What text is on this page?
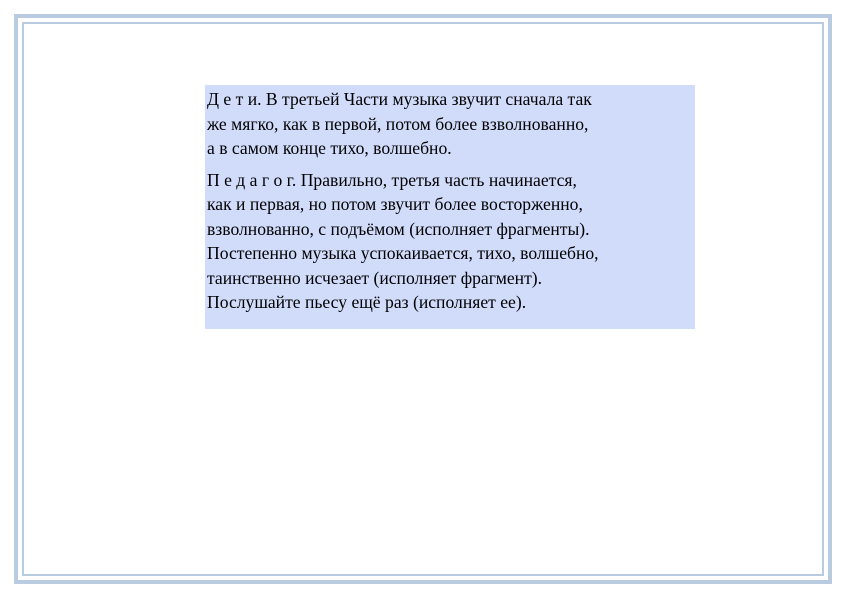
Д е т и. В третьей Части музыка звучит сначала так
же мягко, как в первой, потом более взволнованно,
а в самом конце тихо, волшебно.

П е д а г о г. Правильно, третья часть начинается,
как и первая, но потом звучит более восторженно,
взволнованно, с подъёмом (исполняет фрагменты).
Постепенно музыка успокаивается, тихо, волшебно,
таинственно исчезает (исполняет фрагмент).
Послушайте пьесу ещё раз (исполняет ее).
